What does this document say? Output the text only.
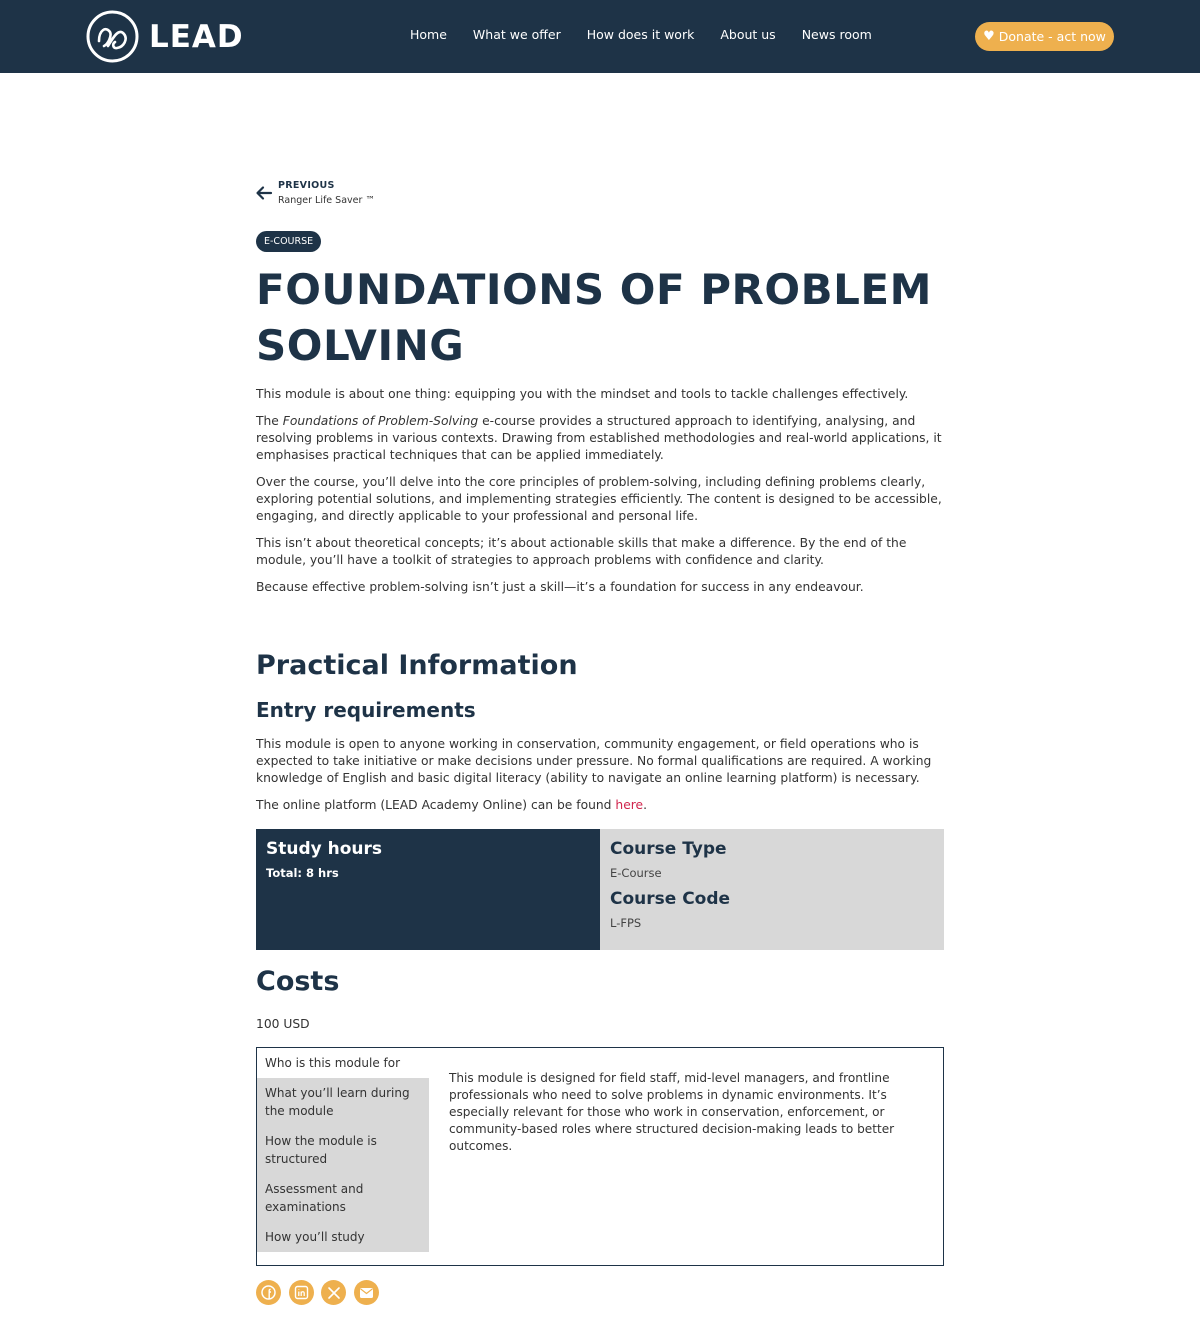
LEAD	Home What we offer How does it work About us News room	♥ Donate - act now
PREVIOUS
Ranger Life Saver ™
E-COURSE
FOUNDATIONS OF PROBLEM
SOLVING

This module is about one thing: equipping you with the mindset and tools to tackle challenges effectively.

The Foundations of Problem-Solving e-course provides a structured approach to identifying, analysing, and resolving problems in various contexts. Drawing from established methodologies and real-world applications, it emphasises practical techniques that can be applied immediately.

Over the course, you’ll delve into the core principles of problem-solving, including defining problems clearly, exploring potential solutions, and implementing strategies efficiently. The content is designed to be accessible, engaging, and directly applicable to your professional and personal life.

This isn’t about theoretical concepts; it’s about actionable skills that make a difference. By the end of the module, you’ll have a toolkit of strategies to approach problems with confidence and clarity.

Because effective problem-solving isn’t just a skill—it’s a foundation for success in any endeavour.

Practical Information
Entry requirements

This module is open to anyone working in conservation, community engagement, or field operations who is expected to take initiative or make decisions under pressure. No formal qualifications are required. A working knowledge of English and basic digital literacy (ability to navigate an online learning platform) is necessary.

The online platform (LEAD Academy Online) can be found here.

Study hours
Total: 8 hrs
Course Type
E-Course
Course Code
L-FPS
Costs
100 USD
Who is this module for
What you’ll learn during the module
How the module is structured
Assessment and examinations
How you’ll study
This module is designed for field staff, mid-level managers, and frontline professionals who need to solve problems in dynamic environments. It’s especially relevant for those who work in conservation, enforcement, or community-based roles where structured decision-making leads to better outcomes.
